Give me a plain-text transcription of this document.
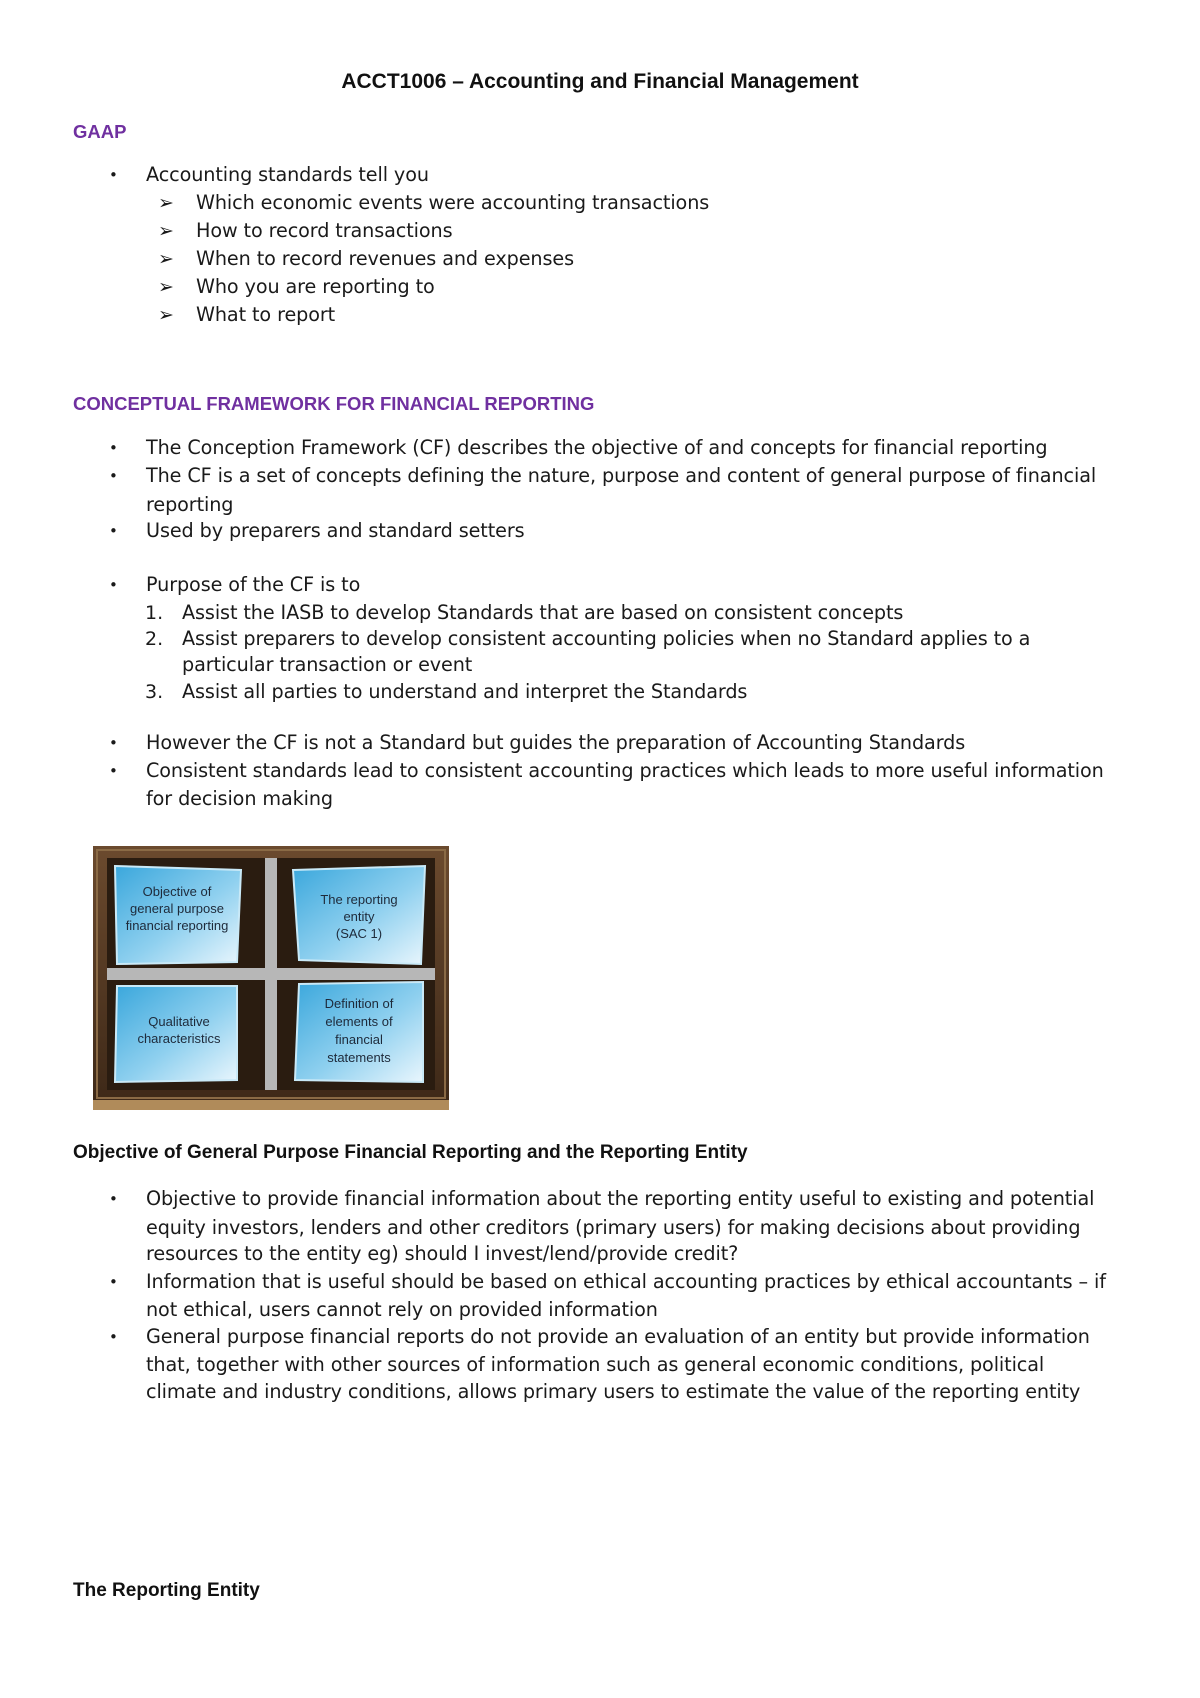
ACCT1006 – Accounting and Financial Management
GAAP
• Accounting standards tell you
➢ Which economic events were accounting transactions
➢ How to record transactions
➢ When to record revenues and expenses
➢ Who you are reporting to
➢ What to report
CONCEPTUAL FRAMEWORK FOR FINANCIAL REPORTING
• The Conception Framework (CF) describes the objective of and concepts for financial reporting
• The CF is a set of concepts defining the nature, purpose and content of general purpose of financial
reporting
• Used by preparers and standard setters
• Purpose of the CF is to
1. Assist the IASB to develop Standards that are based on consistent concepts
2. Assist preparers to develop consistent accounting policies when no Standard applies to a
particular transaction or event
3. Assist all parties to understand and interpret the Standards
• However the CF is not a Standard but guides the preparation of Accounting Standards
• Consistent standards lead to consistent accounting practices which leads to more useful information
for decision making
Objective of
general purpose
financial reporting
The reporting
entity
(SAC 1)
Qualitative
characteristics
Definition of
elements of
financial
statements
Objective of General Purpose Financial Reporting and the Reporting Entity
• Objective to provide financial information about the reporting entity useful to existing and potential
equity investors, lenders and other creditors (primary users) for making decisions about providing
resources to the entity eg) should I invest/lend/provide credit?
• Information that is useful should be based on ethical accounting practices by ethical accountants – if
not ethical, users cannot rely on provided information
• General purpose financial reports do not provide an evaluation of an entity but provide information
that, together with other sources of information such as general economic conditions, political
climate and industry conditions, allows primary users to estimate the value of the reporting entity
The Reporting Entity
